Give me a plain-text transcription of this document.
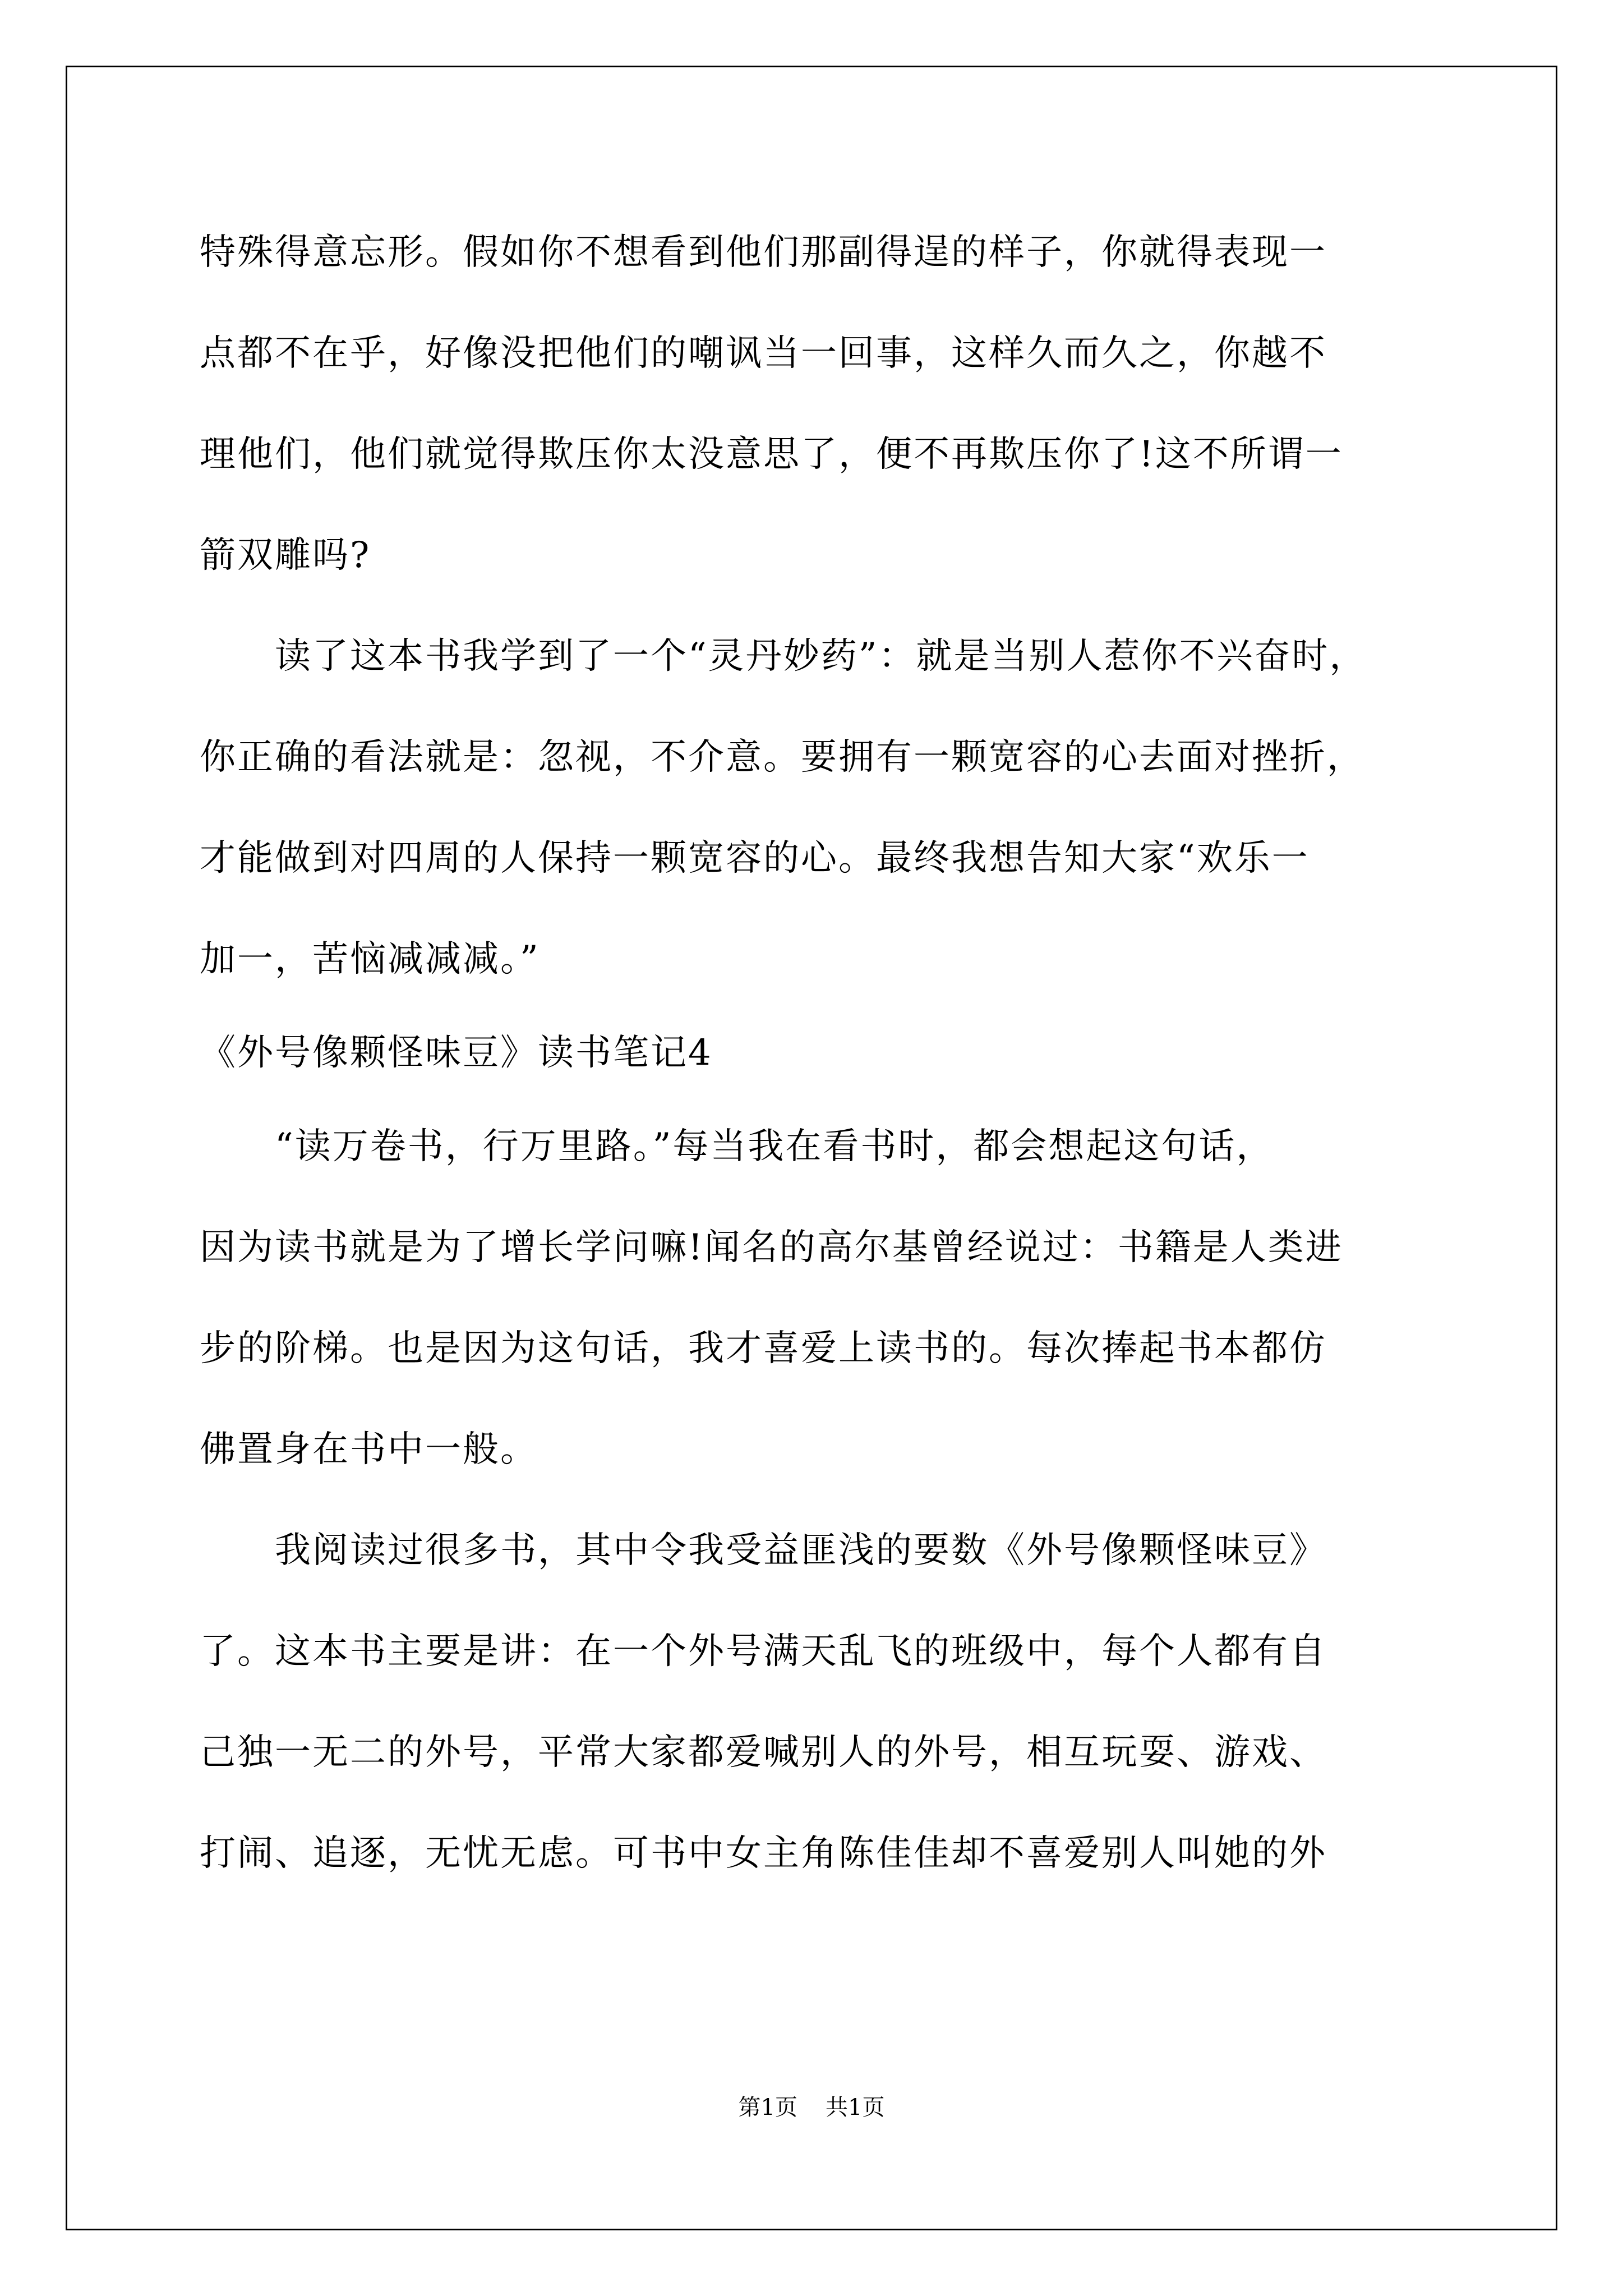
特殊得意忘形。假如你不想看到他们那副得逞的样子，你就得表现一
点都不在乎，好像没把他们的嘲讽当一回事，这样久而久之，你越不
理他们，他们就觉得欺压你太没意思了，便不再欺压你了!这不所谓一
箭双雕吗?
　　读了这本书我学到了一个“灵丹妙药”：就是当别人惹你不兴奋时，
你正确的看法就是：忽视，不介意。要拥有一颗宽容的心去面对挫折，
才能做到对四周的人保持一颗宽容的心。最终我想告知大家“欢乐一
加一，苦恼减减减。”
《外号像颗怪味豆》读书笔记4
　　“读万卷书，行万里路。”每当我在看书时，都会想起这句话，
因为读书就是为了增长学问嘛!闻名的高尔基曾经说过：书籍是人类进
步的阶梯。也是因为这句话，我才喜爱上读书的。每次捧起书本都仿
佛置身在书中一般。
　　我阅读过很多书，其中令我受益匪浅的要数《外号像颗怪味豆》
了。这本书主要是讲：在一个外号满天乱飞的班级中，每个人都有自
己独一无二的外号，平常大家都爱喊别人的外号，相互玩耍、游戏、
打闹、追逐，无忧无虑。可书中女主角陈佳佳却不喜爱别人叫她的外
第1页 共1页
